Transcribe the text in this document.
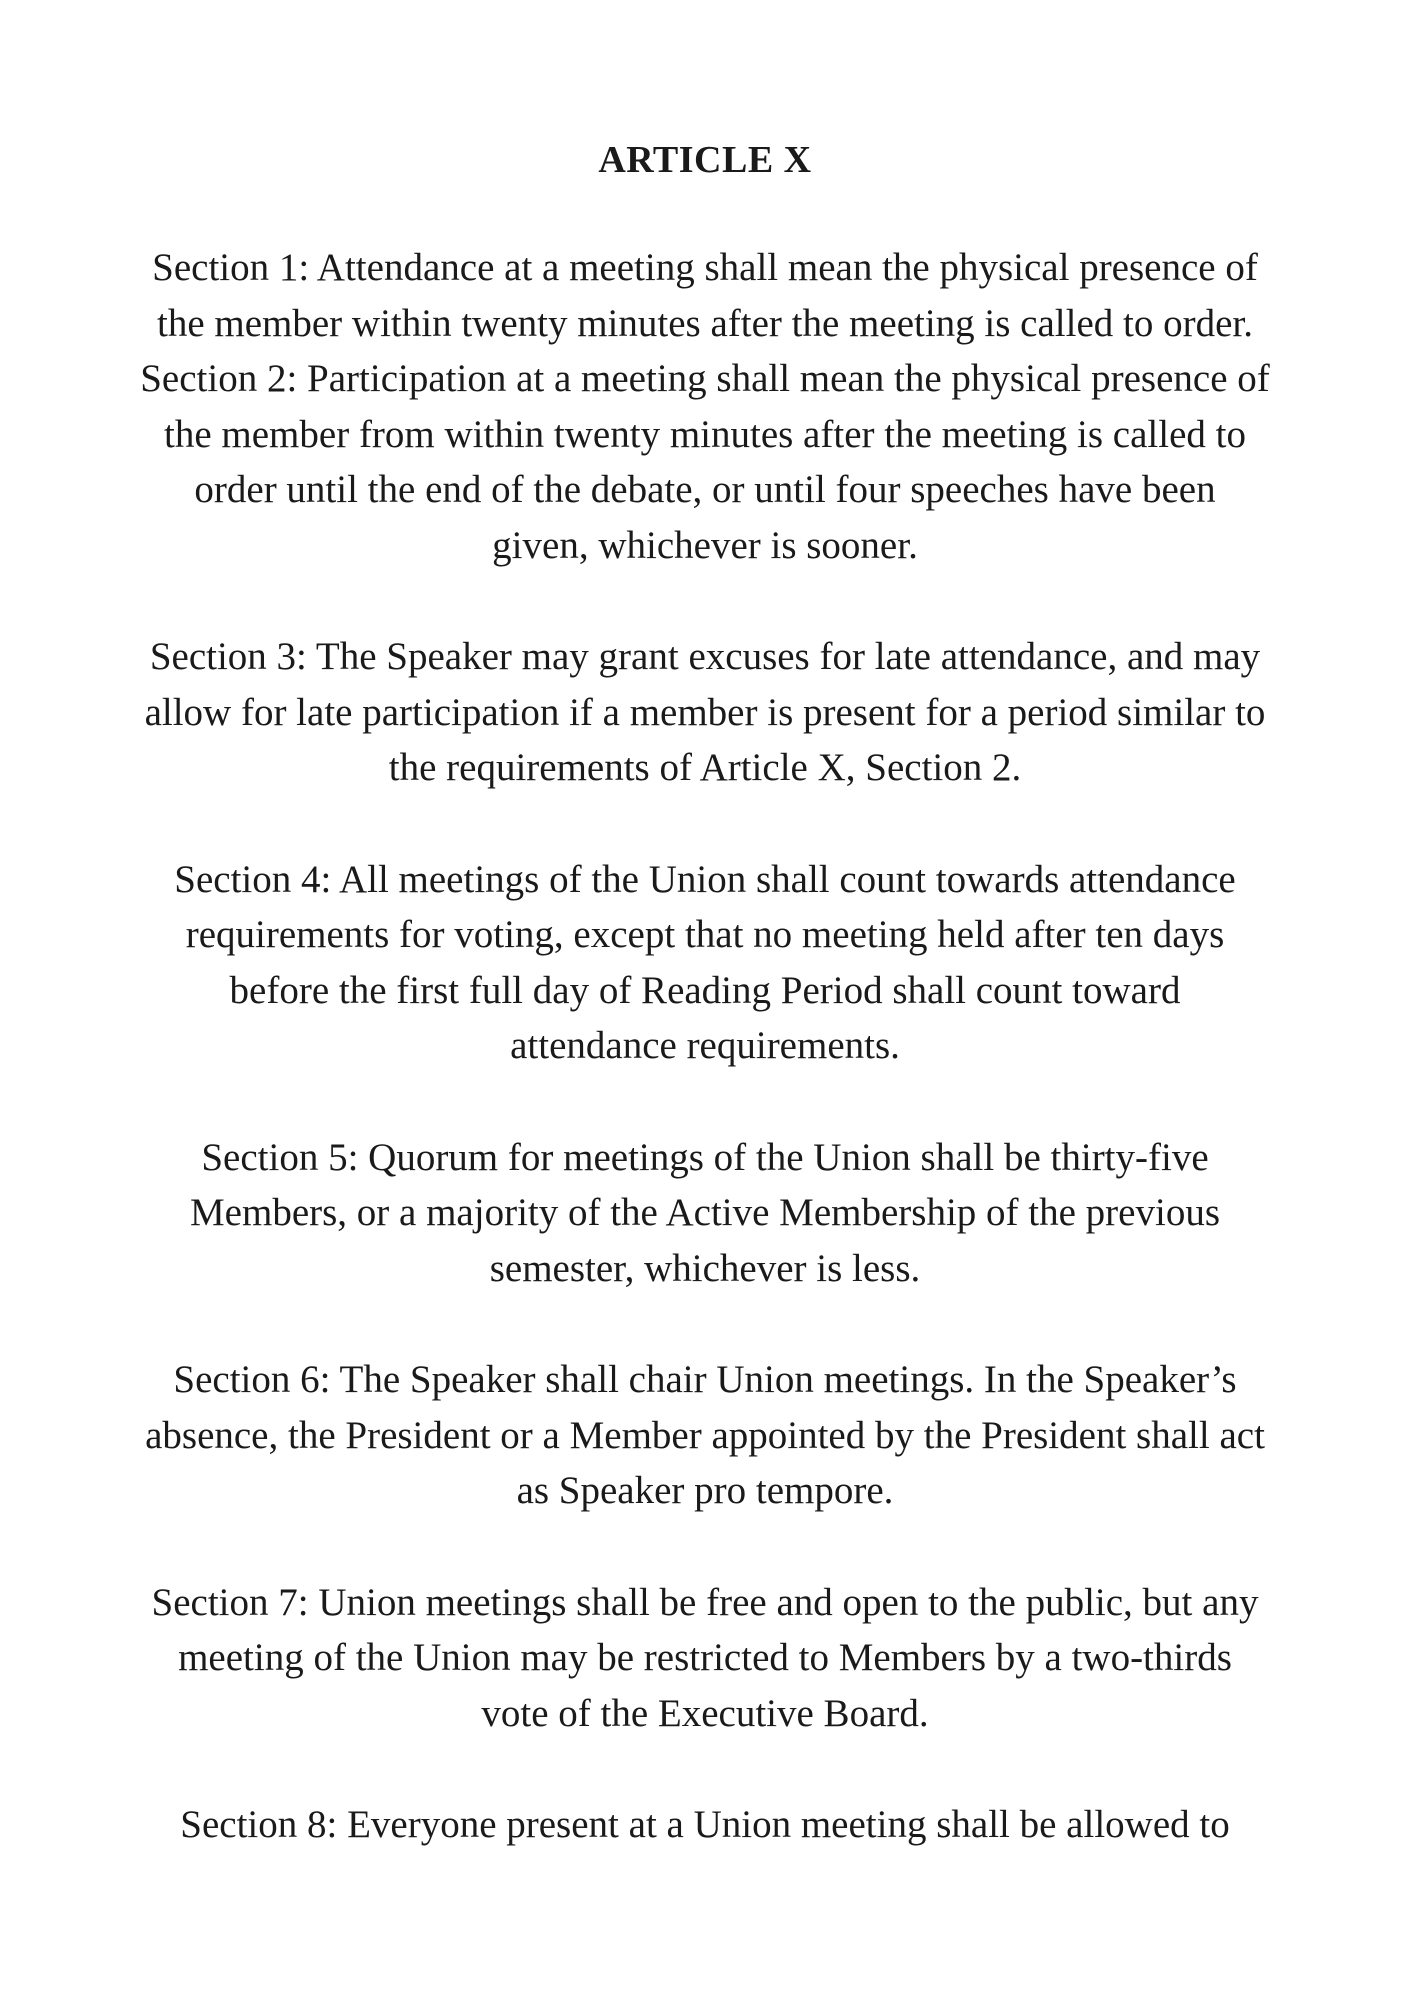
ARTICLE X
Section 1: Attendance at a meeting shall mean the physical presence of
the member within twenty minutes after the meeting is called to order.
Section 2: Participation at a meeting shall mean the physical presence of
the member from within twenty minutes after the meeting is called to
order until the end of the debate, or until four speeches have been
given, whichever is sooner.
Section 3: The Speaker may grant excuses for late attendance, and may
allow for late participation if a member is present for a period similar to
the requirements of Article X, Section 2.
Section 4: All meetings of the Union shall count towards attendance
requirements for voting, except that no meeting held after ten days
before the first full day of Reading Period shall count toward
attendance requirements.
Section 5: Quorum for meetings of the Union shall be thirty-five
Members, or a majority of the Active Membership of the previous
semester, whichever is less.
Section 6: The Speaker shall chair Union meetings. In the Speaker’s
absence, the President or a Member appointed by the President shall act
as Speaker pro tempore.
Section 7: Union meetings shall be free and open to the public, but any
meeting of the Union may be restricted to Members by a two-thirds
vote of the Executive Board.
Section 8: Everyone present at a Union meeting shall be allowed to
